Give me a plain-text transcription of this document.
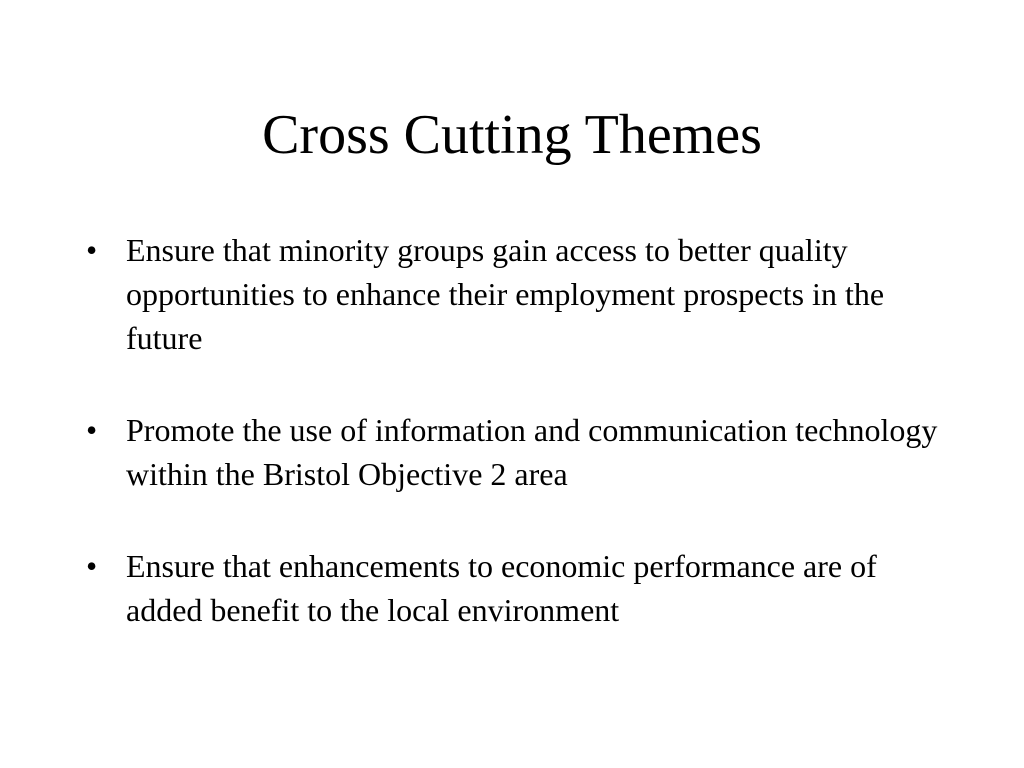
Cross Cutting Themes
• Ensure that minority groups gain access to better quality opportunities to enhance their employment prospects in the future
• Promote the use of information and communication technology within the Bristol Objective 2 area
• Ensure that enhancements to economic performance are of added benefit to the local environment
